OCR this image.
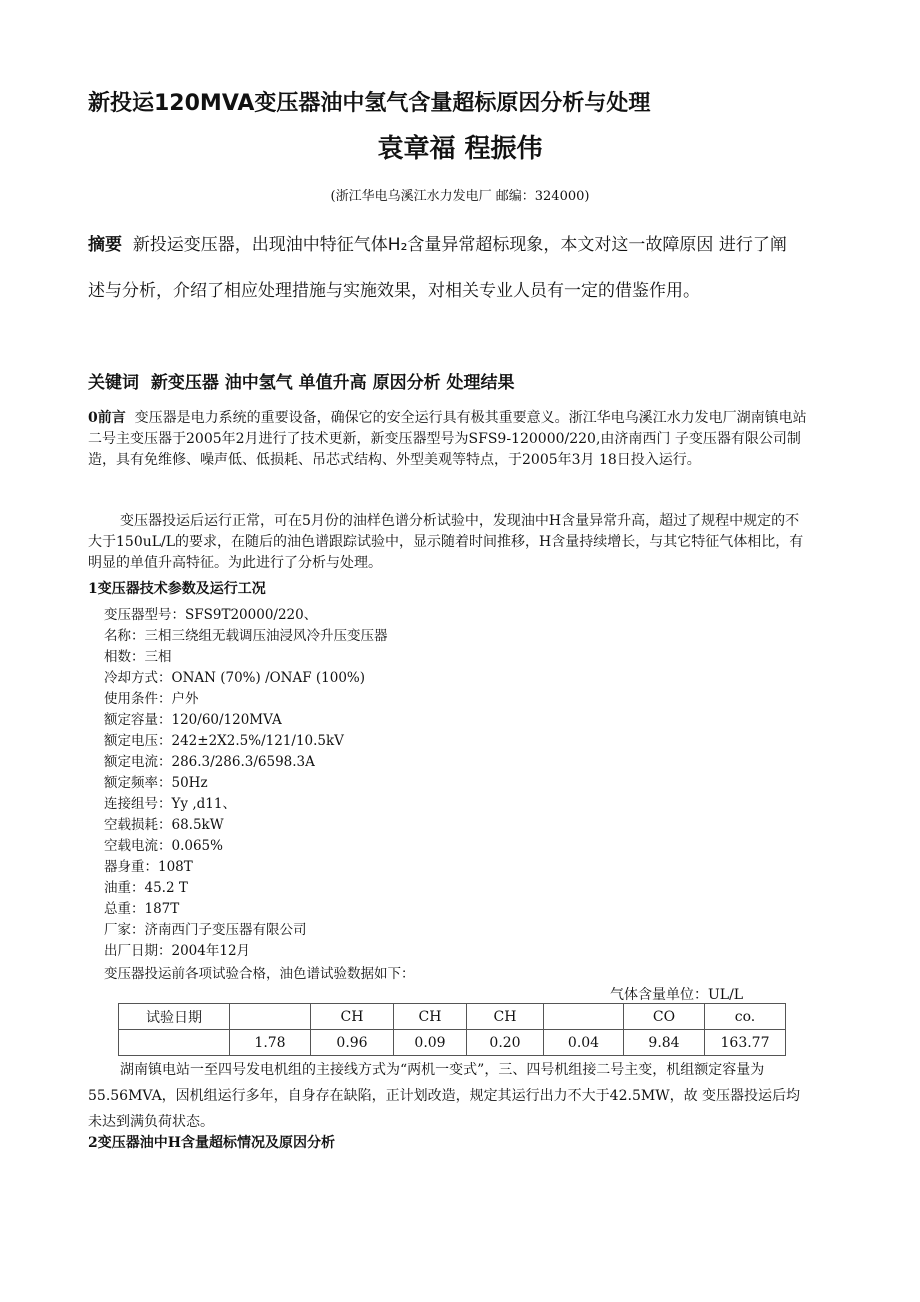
新投运120MVA变压器油中氢气含量超标原因分析与处理
袁章福 程振伟
(浙江华电乌溪江水力发电厂 邮编：324000)
摘要 新投运变压器，出现油中特征气体H₂含量异常超标现象，本文对这一故障原因 进行了阐述与分析，介绍了相应处理措施与实施效果，对相关专业人员有一定的借鉴作用。
关键词 新变压器 油中氢气 单值升高 原因分析 处理结果
0前言 变压器是电力系统的重要设备，确保它的安全运行具有极其重要意义。浙江华电乌溪江水力发电厂湖南镇电站二号主变压器于2005年2月进行了技术更新，新变压器型号为SFS9-120000/220,由济南西门 子变压器有限公司制造，具有免维修、噪声低、低损耗、吊芯式结构、外型美观等特点，于2005年3月 18日投入运行。
变压器投运后运行正常，可在5月份的油样色谱分析试验中，发现油中H含量异常升高，超过了规程中规定的不大于150uL/L的要求，在随后的油色谱跟踪试验中，显示随着时间推移，H含量持续增长，与其它特征气体相比，有明显的单值升高特征。为此进行了分析与处理。
1变压器技术参数及运行工况
变压器型号：SFS9T20000/220、
名称：三相三绕组无载调压油浸风冷升压变压器
相数：三相
冷却方式：ONAN (70%) /ONAF (100%)
使用条件：户外
额定容量：120/60/120MVA
额定电压：242±2X2.5%/121/10.5kV
额定电流：286.3/286.3/6598.3A
额定频率：50Hz
连接组号：Yy ,d11、
空载损耗：68.5kW
空载电流：0.065%
器身重：108T
油重：45.2 T
总重：187T
厂家：济南西门子变压器有限公司
出厂日期：2004年12月
变压器投运前各项试验合格，油色谱试验数据如下：
气体含量单位：UL/L
试验日期		CH	CH	CH		CO	co.
	1.78	0.96	0.09	0.20	0.04	9.84	163.77
湖南镇电站一至四号发电机组的主接线方式为“两机一变式”，三、四号机组接二号主变，机组额定容量为55.56MVA，因机组运行多年，自身存在缺陷，正计划改造，规定其运行出力不大于42.5MW，故 变压器投运后均未达到满负荷状态。
2变压器油中H含量超标情况及原因分析
